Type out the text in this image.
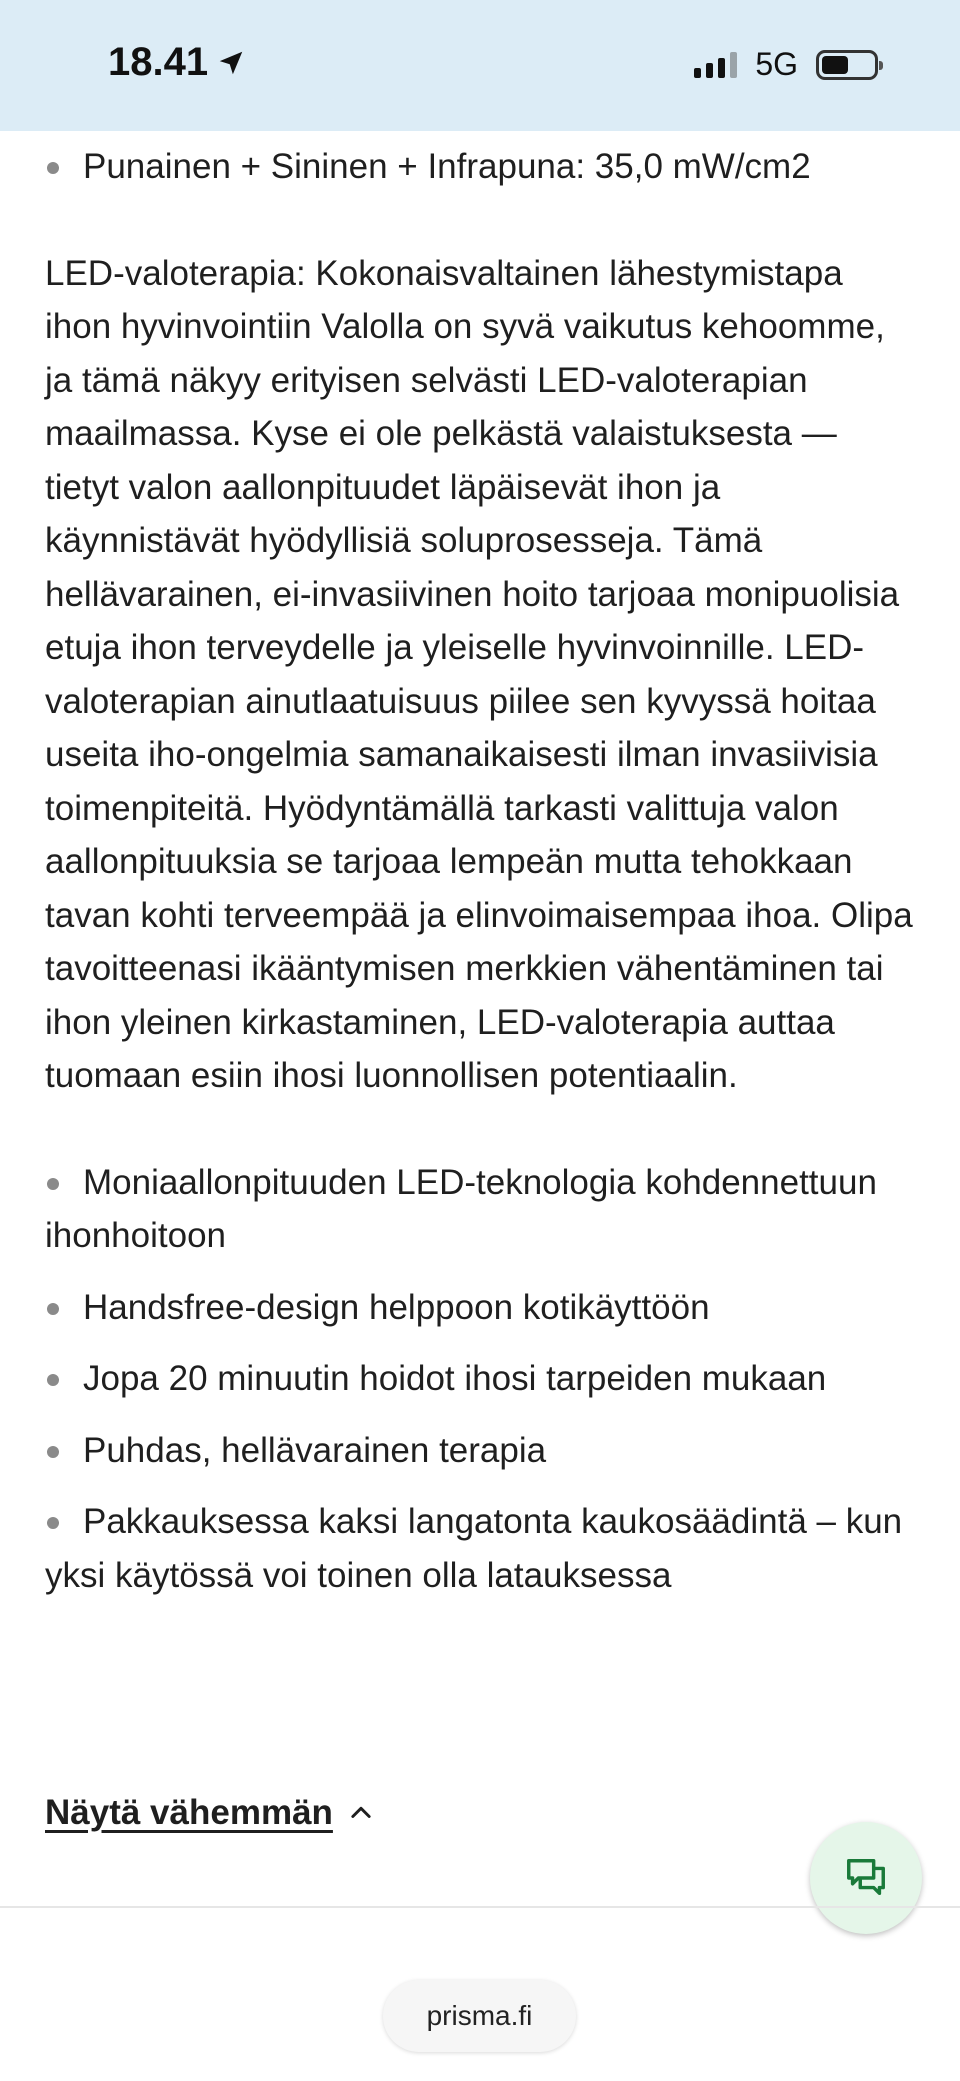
18.41	5G
Punainen + Sininen + Infrapuna: 35,0 mW/cm2

LED-valoterapia: Kokonaisvaltainen lähestymistapa ihon hyvinvointiin Valolla on syvä vaikutus kehoomme, ja tämä näkyy erityisen selvästi LED-valoterapian maailmassa. Kyse ei ole pelkästä valaistuksesta — tietyt valon aallonpituudet läpäisevät ihon ja käynnistävät hyödyllisiä soluprosesseja. Tämä hellävarainen, ei-invasiivinen hoito tarjoaa monipuolisia etuja ihon terveydelle ja yleiselle hyvinvoinnille. LED-valoterapian ainutlaatuisuus piilee sen kyvyssä hoitaa useita iho-ongelmia samanaikaisesti ilman invasiivisia toimenpiteitä. Hyödyntämällä tarkasti valittuja valon aallonpituuksia se tarjoaa lempeän mutta tehokkaan tavan kohti terveempää ja elinvoimaisempaa ihoa. Olipa tavoitteenasi ikääntymisen merkkien vähentäminen tai ihon yleinen kirkastaminen, LED-valoterapia auttaa tuomaan esiin ihosi luonnollisen potentiaalin.

Moniaallonpituuden LED-teknologia kohdennettuun ihonhoitoon
Handsfree-design helppoon kotikäyttöön
Jopa 20 minuutin hoidot ihosi tarpeiden mukaan
Puhdas, hellävarainen terapia
Pakkauksessa kaksi langatonta kaukosäädintä – kun yksi käytössä voi toinen olla latauksessa
Näytä vähemmän
prisma.fi
